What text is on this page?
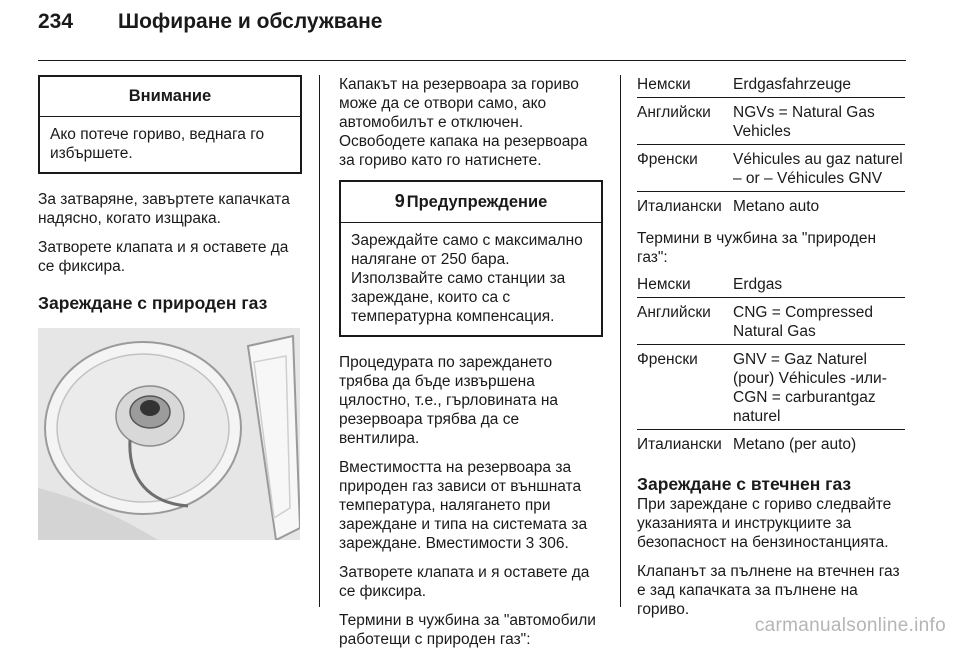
234 Шофиране и обслужване
Внимание
Ако потече гориво, веднага го избършете.

За затваряне, завъртете капачката надясно, когато изщрака.

Затворете клапата и я оставете да се фиксира.

Зареждане с природен газ

Капакът на резервоара за гориво може да се отвори само, ако автомобилът е отключен. Освободете капака на резервоара за гориво като го натиснете.

9 Предупреждение
Зареждайте само с максимално налягане от 250 бара. Използвайте само станции за зареждане, които са с температурна компенсация.

Процедурата по зареждането трябва да бъде извършена цялостно, т.е., гърловината на резервоара трябва да се вентилира.

Вместимостта на резервоара за природен газ зависи от външната температура, налягането при зареждане и типа на системата за зареждане. Вместимости 3 306.

Затворете клапата и я оставете да се фиксира.

Термини в чужбина за "автомобили работещи с природен газ":

Немски	Erdgasfahrzeuge
Английски	NGVs = Natural Gas Vehicles
Френски	Véhicules au gaz naturel – or – Véhicules GNV
Италиански	Metano auto

Термини в чужбина за "природен газ":

Немски	Erdgas
Английски	CNG = Compressed Natural Gas
Френски	GNV = Gaz Naturel (pour) Véhicules -или- CGN = carburantgaz naturel
Италиански	Metano (per auto)
Зареждане с втечнен газ

При зареждане с гориво следвайте указанията и инструкциите за безопасност на бензиностанцията.

Клапанът за пълнене на втечнен газ е зад капачката за пълнене на гориво.

carmanualsonline.info
